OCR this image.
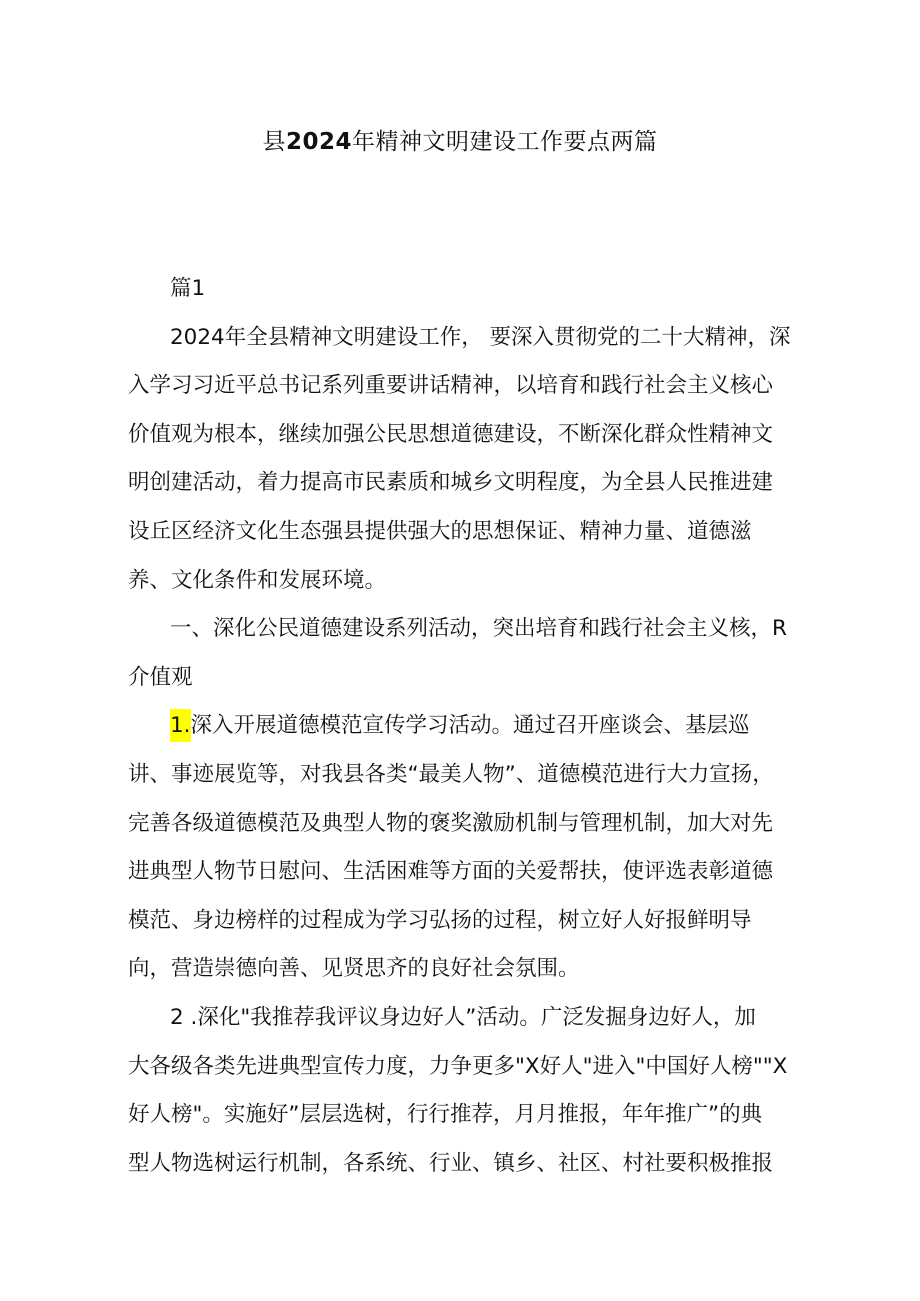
县2024年精神文明建设工作要点两篇
篇1
2024年全县精神文明建设工作， 要深入贯彻党的二十大精神，深
入学习习近平总书记系列重要讲话精神，以培育和践行社会主义核心
价值观为根本，继续加强公民思想道德建设，不断深化群众性精神文
明创建活动，着力提高市民素质和城乡文明程度，为全县人民推进建
设丘区经济文化生态强县提供强大的思想保证、精神力量、道德滋
养、文化条件和发展环境。
一、深化公民道德建设系列活动，突出培育和践行社会主义核，R
介值观
1.深入开展道德模范宣传学习活动。通过召开座谈会、基层巡
讲、事迹展览等，对我县各类“最美人物”、道德模范进行大力宣扬，
完善各级道德模范及典型人物的褒奖激励机制与管理机制，加大对先
进典型人物节日慰问、生活困难等方面的关爱帮扶，使评选表彰道德
模范、身边榜样的过程成为学习弘扬的过程，树立好人好报鲜明导
向，营造崇德向善、见贤思齐的良好社会氛围。
2 .深化"我推荐我评议身边好人”活动。广泛发掘身边好人，加
大各级各类先进典型宣传力度，力争更多"X好人"进入"中国好人榜""X
好人榜"。实施好”层层选树，行行推荐，月月推报，年年推广”的典
型人物选树运行机制，各系统、行业、镇乡、社区、村社要积极推报
